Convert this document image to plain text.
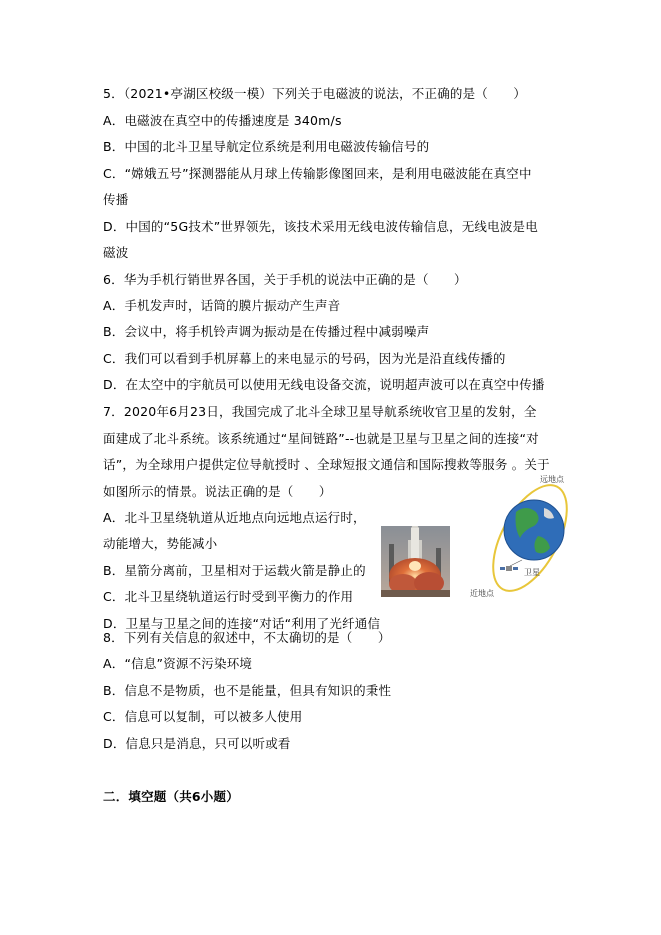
5．（2021•亭湖区校级一模）下列关于电磁波的说法，不正确的是（　　）
A．电磁波在真空中的传播速度是 340m/s
B．中国的北斗卫星导航定位系统是利用电磁波传输信号的
C．“嫦娥五号”探测器能从月球上传输影像图回来，是利用电磁波能在真空中
传播
D．中国的“5G技术”世界领先，该技术采用无线电波传输信息，无线电波是电
磁波
6．华为手机行销世界各国，关于手机的说法中正确的是（　　）
A．手机发声时，话筒的膜片振动产生声音
B．会议中，将手机铃声调为振动是在传播过程中减弱噪声
C．我们可以看到手机屏幕上的来电显示的号码，因为光是沿直线传播的
D．在太空中的宇航员可以使用无线电设备交流，说明超声波可以在真空中传播
7．2020年6月23日，我国完成了北斗全球卫星导航系统收官卫星的发射，全
面建成了北斗系统。该系统通过“星间链路”--也就是卫星与卫星之间的连接“对
话”，为全球用户提供定位导航授时 、全球短报文通信和国际搜救等服务 。关于
如图所示的情景。说法正确的是（　　）
A．北斗卫星绕轨道从近地点向远地点运行时，
动能增大，势能减小
B．星箭分离前，卫星相对于运载火箭是静止的
C．北斗卫星绕轨道运行时受到平衡力的作用
D．卫星与卫星之间的连接“对话“利用了光纤通信
远地点
卫星
近地点
8．下列有关信息的叙述中，不太确切的是（　　）
A．“信息”资源不污染环境
B．信息不是物质，也不是能量，但具有知识的秉性
C．信息可以复制，可以被多人使用
D．信息只是消息，只可以听或看
二．填空题（共6小题）
